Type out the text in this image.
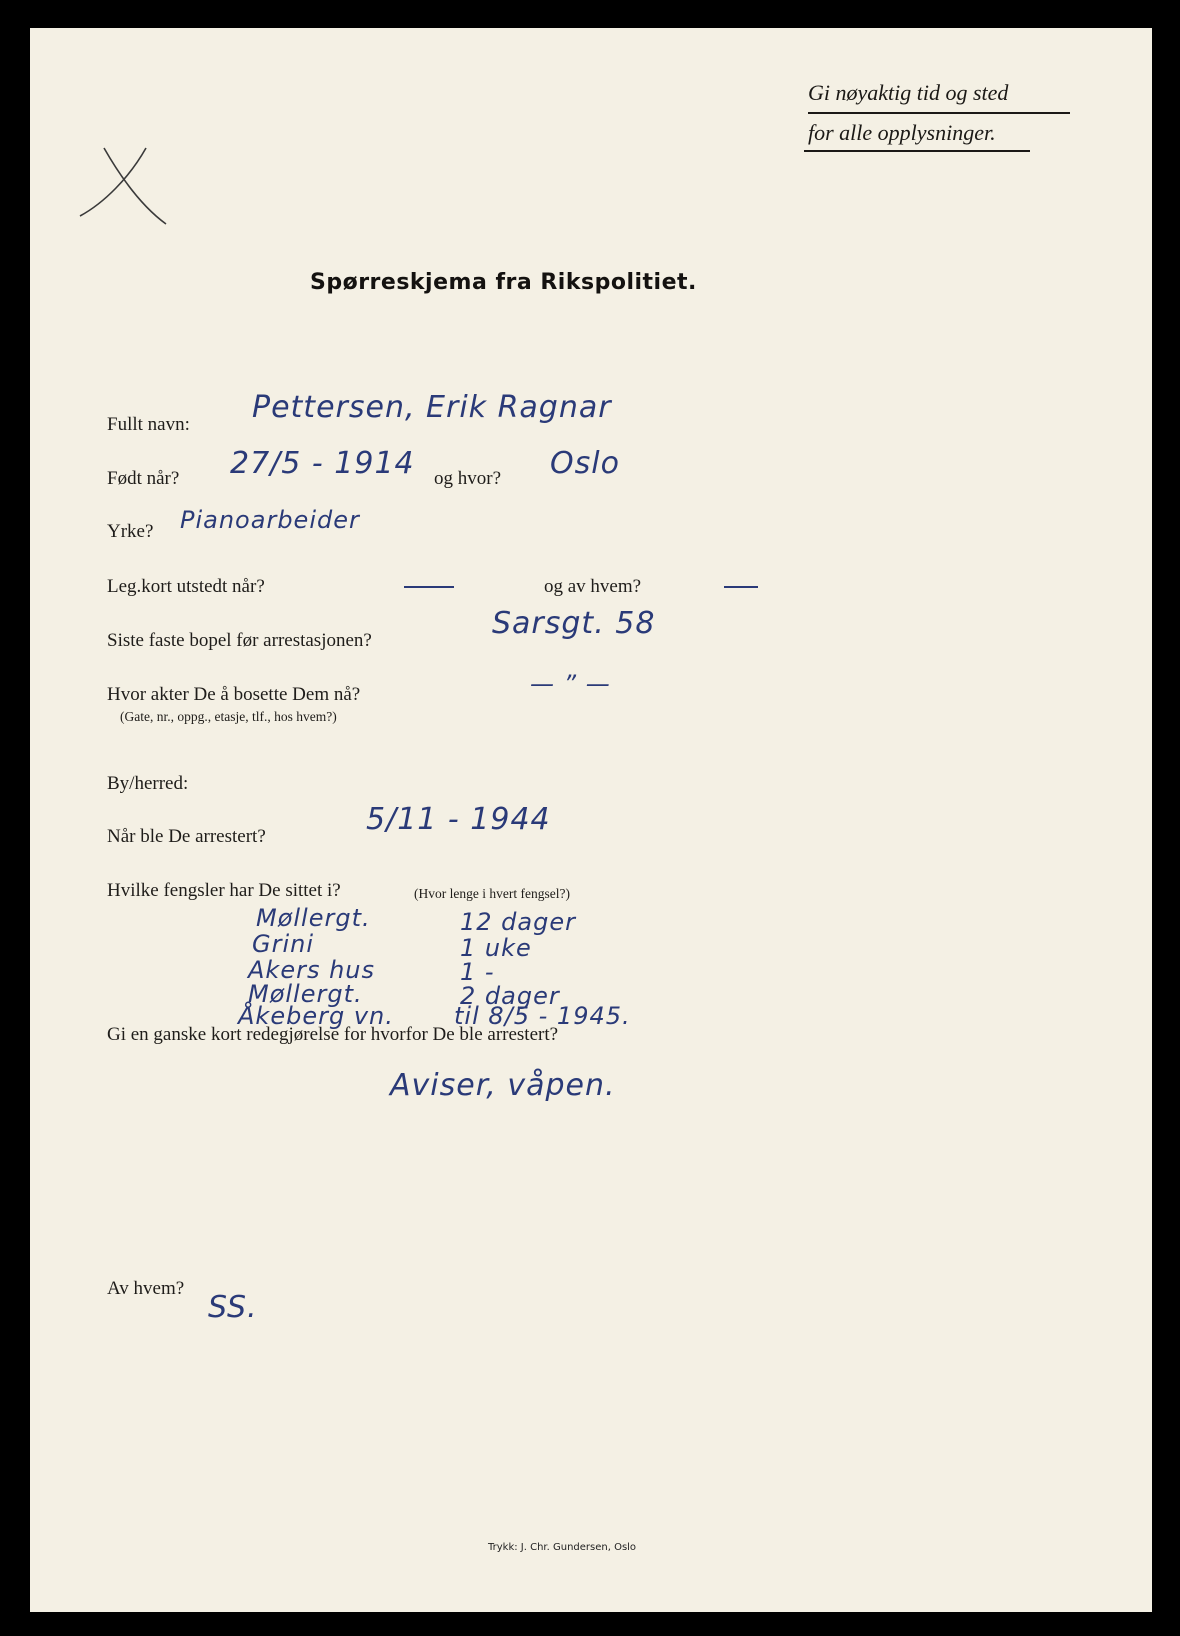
Gi nøyaktig tid og sted
for alle opplysninger.
Spørreskjema fra Rikspolitiet.
Fullt navn: Pettersen, Erik Ragnar
Født når? 27/5 - 1914 og hvor? Oslo
Yrke? Pianoarbeider
Leg.kort utstedt når?	og av hvem?
Siste faste bopel før arrestasjonen?	Sarsgt. 58
Hvor akter De å bosette Dem nå?
(Gate, nr., oppg., etasje, tlf., hos hvem?)
— ” —
By/herred:
Når ble De arrestert?	5/11 - 1944
Hvilke fengsler har De sittet i?	(Hvor lenge i hvert fengsel?)
Møllergt.	12 dager
Grini	1 uke
Akers hus	1 -
Møllergt.	2 dager
Åkeberg vn.	til 8/5 - 1945.
Gi en ganske kort redegjørelse for hvorfor De ble arrestert?
Aviser, våpen.
Av hvem?
SS.
Trykk: J. Chr. Gundersen, Oslo
